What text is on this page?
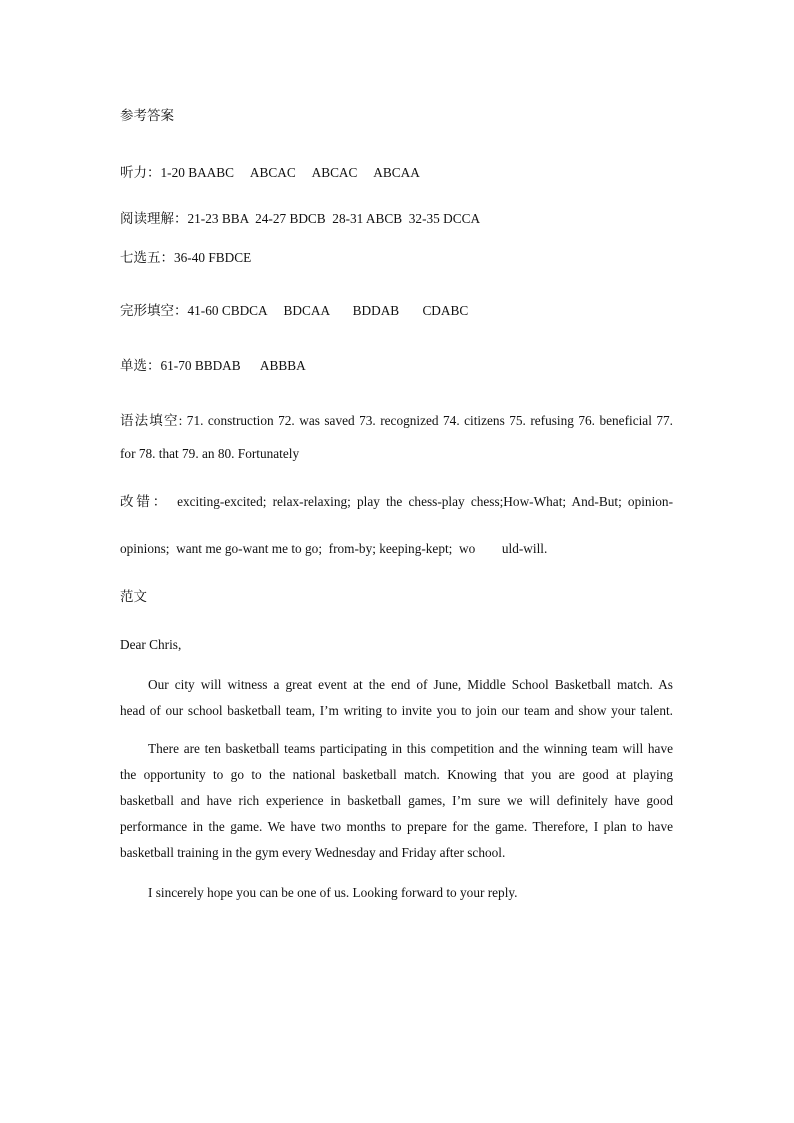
参考答案
听力：1-20 BAABC     ABCAC     ABCAC     ABCAA
阅读理解：21-23 BBA  24-27 BDCB  28-31 ABCB  32-35 DCCA
七选五：36-40 FBDCE
完形填空：41-60 CBDCA     BDCAA       BDDAB       CDABC
单选：61-70 BBDAB      ABBBA
语法填空: 71. construction 72. was saved 73. recognized 74. citizens 75. refusing 76. beneficial 77.
for 78. that 79. an 80. Fortunately
改错： exciting-excited; relax-relaxing; play the chess-play chess;How-What; And-But; opinion-
opinions;  want me go-want me to go;  from-by; keeping-kept;  wo        uld-will.
范文
Dear Chris,
Our city will witness a great event at the end of June, Middle School Basketball match. As
head of our school basketball team, I’m writing to invite you to join our team and show your talent.
There are ten basketball teams participating in this competition and the winning team will have
the opportunity to go to the national basketball match. Knowing that you are good at playing
basketball and have rich experience in basketball games, I’m sure we will definitely have good
performance in the game. We have two months to prepare for the game. Therefore, I plan to have
basketball training in the gym every Wednesday and Friday after school.
I sincerely hope you can be one of us. Looking forward to your reply.
